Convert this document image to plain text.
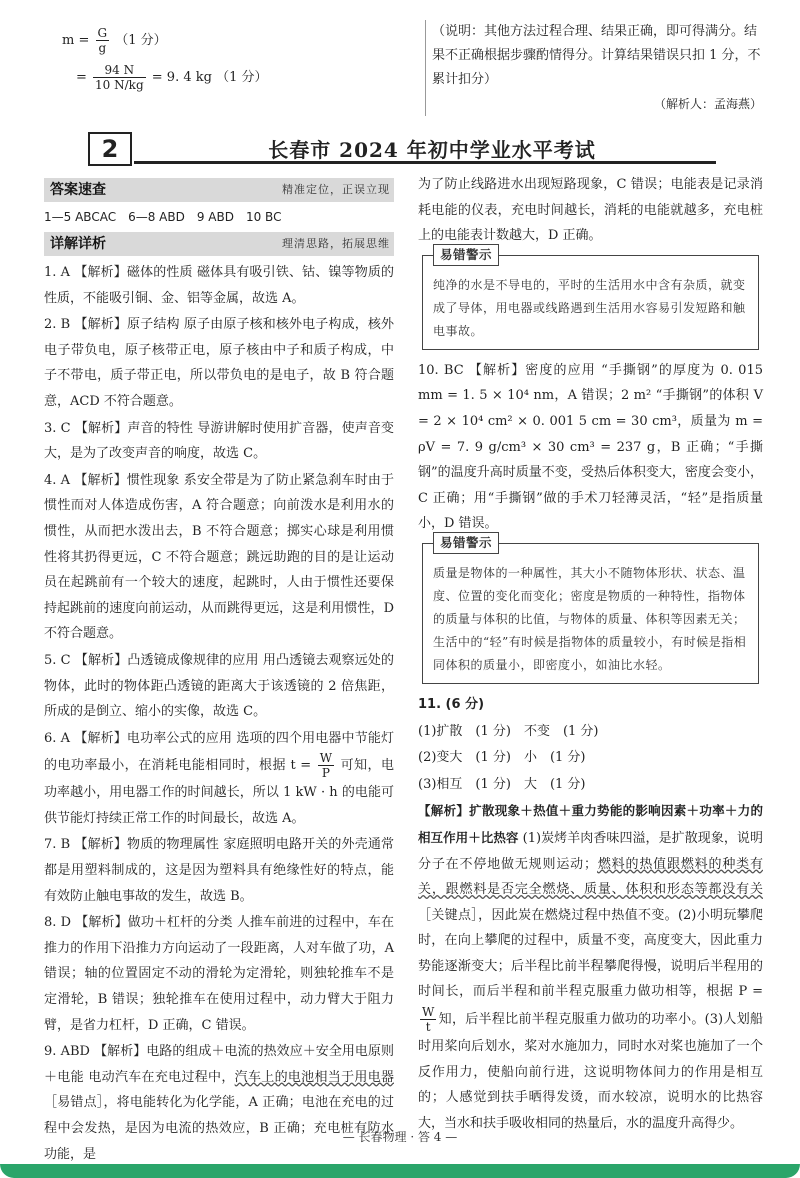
$m = \frac{G}{g} (1$ 分）
= $\frac{94 N}{10 N/kg} = 9$. 4 kg （1 分）
（说明：其他方法过程合理、结果正确，即可得满分。结果不正确根据步骤酌情得分。计算结果错误只扣 1 分，不累计扣分）
（解析人：孟海燕）
2	长春市 2024 年初中学业水平考试
答案速查	精准定位，正误立现
1—5 ABCAC　6—8 ABD　9 ABD　10 BC
详解详析	理清思路，拓展思维

1. A 【解析】磁体的性质 磁体具有吸引铁、钴、镍等物质的性质，不能吸引铜、金、铝等金属，故选 A。

2. B 【解析】原子结构 原子由原子核和核外电子构成，核外电子带负电，原子核带正电，原子核由中子和质子构成，中子不带电，质子带正电，所以带负电的是电子，故 B 符合题意，ACD 不符合题意。

3. C 【解析】声音的特性 导游讲解时使用扩音器，使声音变大，是为了改变声音的响度，故选 C。

4. A 【解析】惯性现象 系安全带是为了防止紧急刹车时由于惯性而对人体造成伤害，A 符合题意；向前泼水是利用水的惯性，从而把水泼出去，B 不符合题意；掷实心球是利用惯性将其扔得更远，C 不符合题意；跳远助跑的目的是让运动员在起跳前有一个较大的速度，起跳时，人由于惯性还要保持起跳前的速度向前运动，从而跳得更远，这是利用惯性，D 不符合题意。

5. C 【解析】凸透镜成像规律的应用 用凸透镜去观察远处的物体，此时的物体距凸透镜的距离大于该透镜的 2 倍焦距，所成的是倒立、缩小的实像，故选 C。

6. A 【解析】电功率公式的应用 选项的四个用电器中节能灯的电功率最小，在消耗电能相同时，根据 $t = \frac{W}{P}$ 可知，电功率越小，用电器工作的时间越长，所以 1 kW · h 的电能可供节能灯持续正常工作的时间最长，故选 A。

7. B 【解析】物质的物理属性 家庭照明电路开关的外壳通常都是用塑料制成的，这是因为塑料具有绝缘性好的特点，能有效防止触电事故的发生，故选 B。

8. D 【解析】做功＋杠杆的分类 人推车前进的过程中，车在推力的作用下沿推力方向运动了一段距离，人对车做了功，A 错误；轴的位置固定不动的滑轮为定滑轮，则独轮推车不是定滑轮，B 错误；独轮推车在使用过程中，动力臂大于阻力臂，是省力杠杆，D 正确，C 错误。

9. ABD 【解析】电路的组成＋电流的热效应＋安全用电原则＋电能 电动汽车在充电过程中，汽车上的电池相当于用电器［易错点］，将电能转化为化学能，A 正确；电池在充电的过程中会发热，是因为电流的热效应，B 正确；充电桩有防水功能，是

为了防止线路进水出现短路现象，C 错误；电能表是记录消耗电能的仪表，充电时间越长，消耗的电能就越多，充电桩上的电能表计数越大，D 正确。

易错警示
纯净的水是不导电的，平时的生活用水中含有杂质，就变成了导体，用电器或线路遇到生活用水容易引发短路和触电事故。

10. BC 【解析】密度的应用 “手撕钢”的厚度为 0. 015 mm = 1. 5 × 10⁴ nm，A 错误；2 m² “手撕钢”的体积 V = 2 × 10⁴ cm² × 0. 001 5 cm = 30 cm³，质量为 m = ρV = 7. 9 g/cm³ × 30 cm³ = 237 g，B 正确；“手撕钢”的温度升高时质量不变，受热后体积变大，密度会变小，C 正确；用“手撕钢”做的手术刀轻薄灵活，“轻”是指质量小，D 错误。

易错警示
质量是物体的一种属性，其大小不随物体形状、状态、温度、位置的变化而变化；密度是物质的一种特性，指物体的质量与体积的比值，与物体的质量、体积等因素无关；生活中的“轻”有时候是指物体的质量较小，有时候是指相同体积的质量小，即密度小，如油比水轻。

11. (6 分)

(1)扩散　(1 分)　不变　(1 分)

(2)变大　(1 分)　小　(1 分)

(3)相互　(1 分)　大　(1 分)

【解析】扩散现象＋热值＋重力势能的影响因素＋功率＋力的相互作用＋比热容 (1)炭烤羊肉香味四溢，是扩散现象，说明分子在不停地做无规则运动；燃料的热值跟燃料的种类有关，跟燃料是否完全燃烧、质量、体积和形态等都没有关［关键点］，因此炭在燃烧过程中热值不变。(2)小明玩攀爬时，在向上攀爬的过程中，质量不变，高度变大，因此重力势能逐渐变大；后半程比前半程攀爬得慢，说明后半程用的时间长，而后半程和前半程克服重力做功相等，根据 P =
$\frac{W}{t}$ 知，后半程比前半程克服重力做功的功率小。(3)人划船时用桨向后划水，桨对水施加力，同时水对桨也施加了一个反作用力，使船向前行进，这说明物体间力的作用是相互的；人感觉到扶手晒得发烫，而水较凉，说明水的比热容大，当水和扶手吸收相同的热量后，水的温度升高得少。

— 长春物理 · 答 4 —
